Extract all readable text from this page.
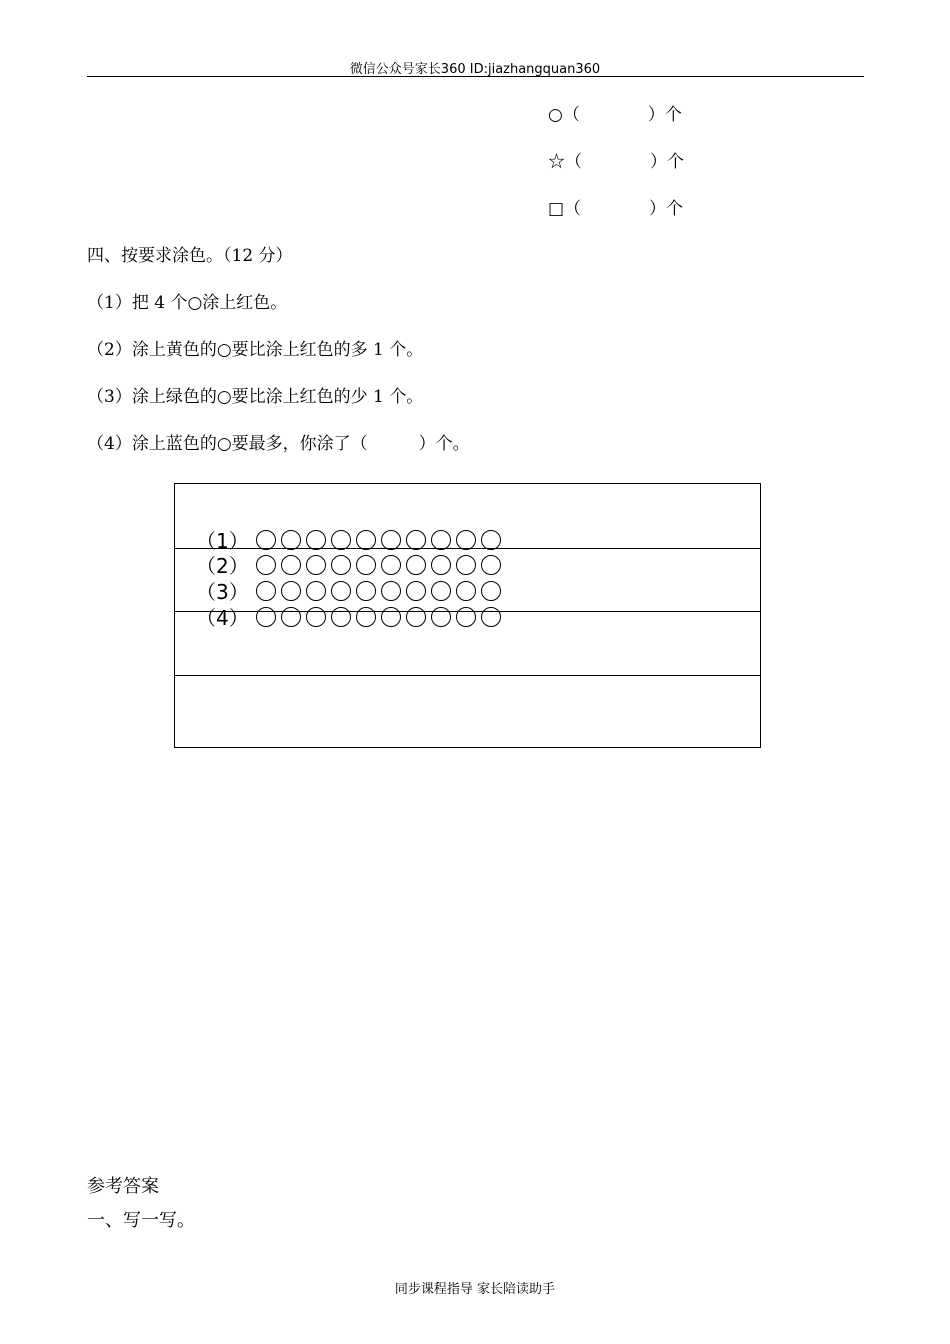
微信公众号家长360 ID:jiazhangquan360
○（　　　　）个
☆（　　　　）个
□（　　　　）个
四、按要求涂色。（12 分）
（1）把 4 个○涂上红色。
（2）涂上黄色的○要比涂上红色的多 1 个。
（3）涂上绿色的○要比涂上红色的少 1 个。
（4）涂上蓝色的○要最多，你涂了（　　　）个。
（1）
（2）
（3）
（4）
参考答案
一、写一写。
同步课程指导 家长陪读助手
